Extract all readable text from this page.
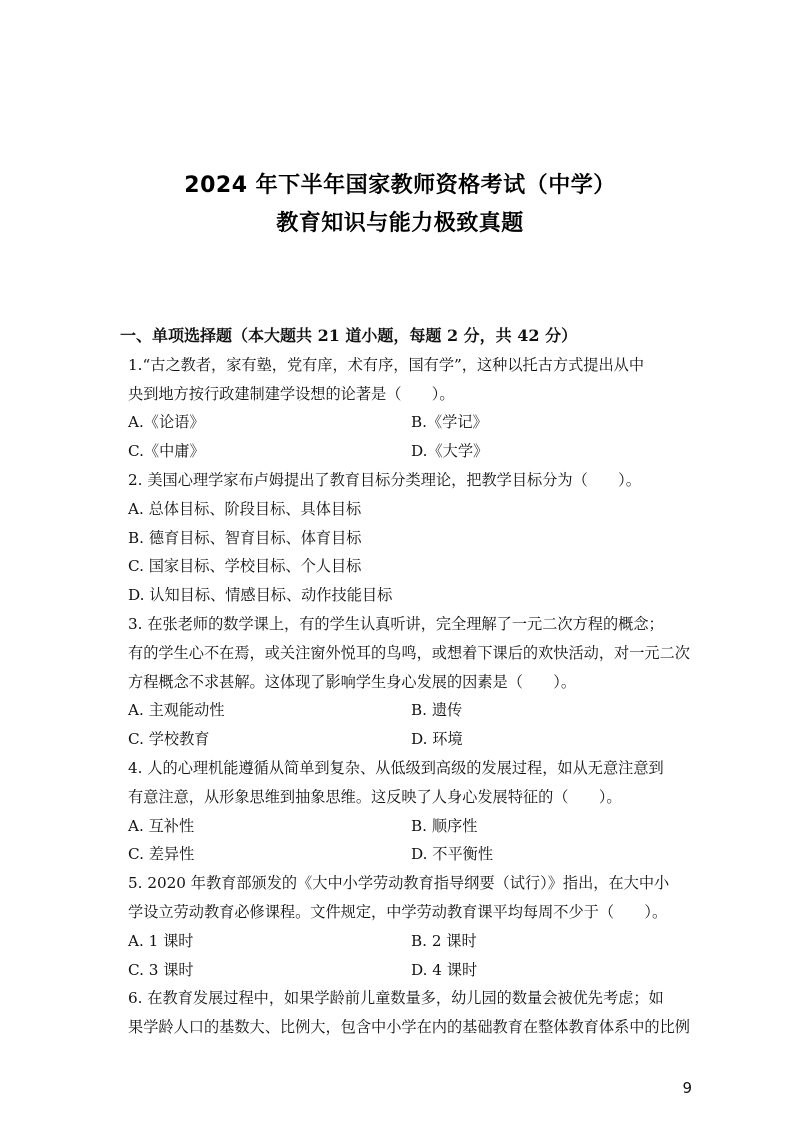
2024 年下半年国家教师资格考试（中学）
教育知识与能力极致真题
一、单项选择题（本大题共 21 道小题，每题 2 分，共 42 分）
1.“古之教者，家有塾，党有庠，术有序，国有学”，这种以托古方式提出从中
央到地方按行政建制建学设想的论著是（　　）。
A.《论语》	B.《学记》
C.《中庸》	D.《大学》
2. 美国心理学家布卢姆提出了教育目标分类理论，把教学目标分为（　　）。
A. 总体目标、阶段目标、具体目标
B. 德育目标、智育目标、体育目标
C. 国家目标、学校目标、个人目标
D. 认知目标、情感目标、动作技能目标
3. 在张老师的数学课上，有的学生认真听讲，完全理解了一元二次方程的概念；
有的学生心不在焉，或关注窗外悦耳的鸟鸣，或想着下课后的欢快活动，对一元二次
方程概念不求甚解。这体现了影响学生身心发展的因素是（　　）。
A. 主观能动性	B. 遗传
C. 学校教育	D. 环境
4. 人的心理机能遵循从简单到复杂、从低级到高级的发展过程，如从无意注意到
有意注意，从形象思维到抽象思维。这反映了人身心发展特征的（　　）。
A. 互补性	B. 顺序性
C. 差异性	D. 不平衡性
5. 2020 年教育部颁发的《大中小学劳动教育指导纲要（试行）》指出，在大中小
学设立劳动教育必修课程。文件规定，中学劳动教育课平均每周不少于（　　）。
A. 1 课时	B. 2 课时
C. 3 课时	D. 4 课时
6. 在教育发展过程中，如果学龄前儿童数量多，幼儿园的数量会被优先考虑；如
果学龄人口的基数大、比例大，包含中小学在内的基础教育在整体教育体系中的比例
9
